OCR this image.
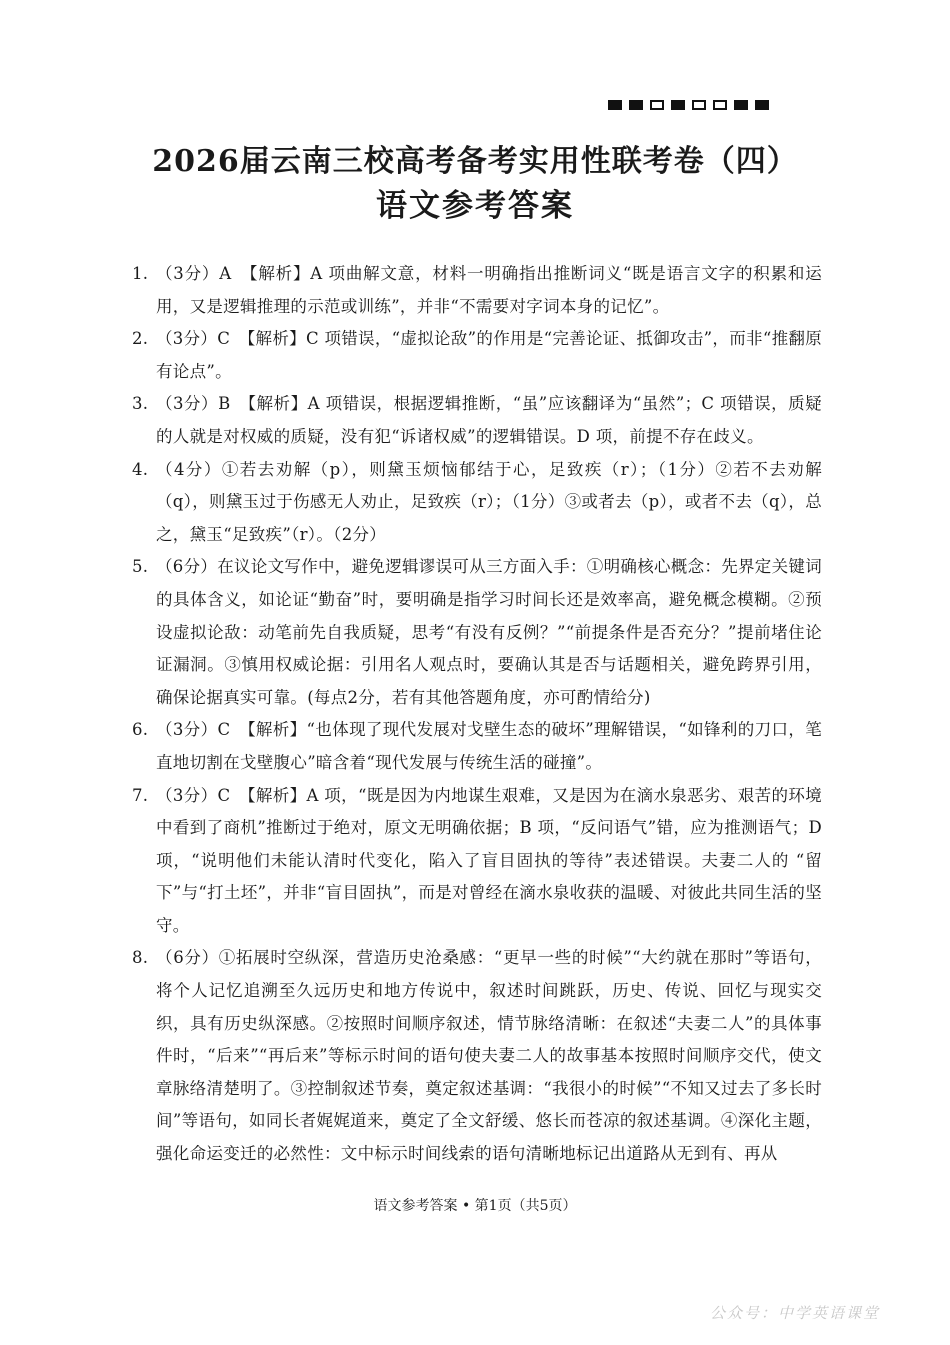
2026届云南三校高考备考实用性联考卷（四）
语文参考答案
1. （3分）A　【解析】A 项曲解文意，材料一明确指出推断词义“既是语言文字的积累和运用，又是逻辑推理的示范或训练”，并非“不需要对字词本身的记忆”。
2. （3分）C　【解析】C 项错误，“虚拟论敌”的作用是“完善论证、抵御攻击”，而非“推翻原有论点”。
3. （3分）B　【解析】A 项错误，根据逻辑推断，“虽”应该翻译为“虽然”；C 项错误，质疑的人就是对权威的质疑，没有犯“诉诸权威”的逻辑错误。D 项，前提不存在歧义。
4. （4分）①若去劝解（p），则黛玉烦恼郁结于心，足致疾（r）；（1分）②若不去劝解（q），则黛玉过于伤感无人劝止，足致疾（r）；（1分）③或者去（p），或者不去（q），总之，黛玉“足致疾”（r）。（2分）
5. （6分）在议论文写作中，避免逻辑谬误可从三方面入手：①明确核心概念：先界定关键词的具体含义，如论证“勤奋”时，要明确是指学习时间长还是效率高，避免概念模糊。②预设虚拟论敌：动笔前先自我质疑，思考“有没有反例？”“前提条件是否充分？”提前堵住论证漏洞。③慎用权威论据：引用名人观点时，要确认其是否与话题相关，避免跨界引用，确保论据真实可靠。(每点2分，若有其他答题角度，亦可酌情给分)
6. （3分）C　【解析】“也体现了现代发展对戈壁生态的破坏”理解错误，“如锋利的刀口，笔直地切割在戈壁腹心”暗含着“现代发展与传统生活的碰撞”。
7. （3分）C　【解析】A 项，“既是因为内地谋生艰难，又是因为在滴水泉恶劣、艰苦的环境中看到了商机”推断过于绝对，原文无明确依据；B 项，“反问语气”错，应为推测语气；D 项，“说明他们未能认清时代变化，陷入了盲目固执的等待”表述错误。夫妻二人的 “留下”与“打土坯”，并非“盲目固执”，而是对曾经在滴水泉收获的温暖、对彼此共同生活的坚守。
8. （6分）①拓展时空纵深，营造历史沧桑感：“更早一些的时候”“大约就在那时”等语句，将个人记忆追溯至久远历史和地方传说中，叙述时间跳跃，历史、传说、回忆与现实交织，具有历史纵深感。②按照时间顺序叙述，情节脉络清晰：在叙述“夫妻二人”的具体事件时，“后来”“再后来”等标示时间的语句使夫妻二人的故事基本按照时间顺序交代，使文章脉络清楚明了。③控制叙述节奏，奠定叙述基调：“我很小的时候”“不知又过去了多长时间”等语句，如同长者娓娓道来，奠定了全文舒缓、悠长而苍凉的叙述基调。④深化主题，强化命运变迁的必然性：文中标示时间线索的语句清晰地标记出道路从无到有、再从
语文参考答案 • 第1页（共5页）
公众号：中学英语课堂
